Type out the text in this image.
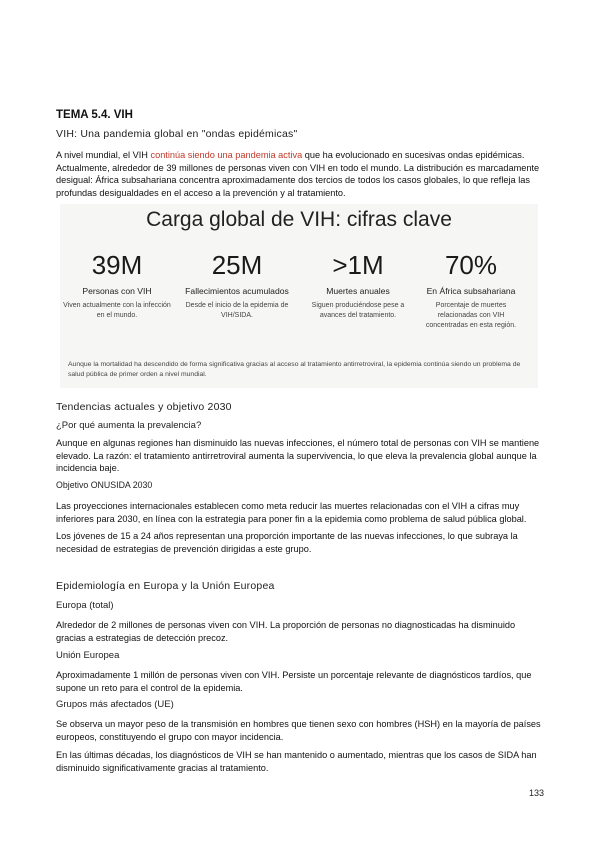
TEMA 5.4. VIH
VIH: Una pandemia global en "ondas epidémicas"
A nivel mundial, el VIH continúa siendo una pandemia activa que ha evolucionado en sucesivas ondas epidémicas. Actualmente, alrededor de 39 millones de personas viven con VIH en todo el mundo. La distribución es marcadamente desigual: África subsahariana concentra aproximadamente dos tercios de todos los casos globales, lo que refleja las profundas desigualdades en el acceso a la prevención y al tratamiento.
Carga global de VIH: cifras clave
39M
Personas con VIH
Viven actualmente con la infección en el mundo.
25M
Fallecimientos acumulados
Desde el inicio de la epidemia de VIH/SIDA.
>1M
Muertes anuales
Siguen produciéndose pese a avances del tratamiento.
70%
En África subsahariana
Porcentaje de muertes relacionadas con VIH concentradas en esta región.
Aunque la mortalidad ha descendido de forma significativa gracias al acceso al tratamiento antirretroviral, la epidemia continúa siendo un problema de salud pública de primer orden a nivel mundial.
Tendencias actuales y objetivo 2030
¿Por qué aumenta la prevalencia?
Aunque en algunas regiones han disminuido las nuevas infecciones, el número total de personas con VIH se mantiene elevado. La razón: el tratamiento antirretroviral aumenta la supervivencia, lo que eleva la prevalencia global aunque la incidencia baje.
Objetivo ONUSIDA 2030
Las proyecciones internacionales establecen como meta reducir las muertes relacionadas con el VIH a cifras muy inferiores para 2030, en línea con la estrategia para poner fin a la epidemia como problema de salud pública global.
Los jóvenes de 15 a 24 años representan una proporción importante de las nuevas infecciones, lo que subraya la necesidad de estrategias de prevención dirigidas a este grupo.
Epidemiología en Europa y la Unión Europea
Europa (total)
Alrededor de 2 millones de personas viven con VIH. La proporción de personas no diagnosticadas ha disminuido gracias a estrategias de detección precoz.
Unión Europea
Aproximadamente 1 millón de personas viven con VIH. Persiste un porcentaje relevante de diagnósticos tardíos, que supone un reto para el control de la epidemia.
Grupos más afectados (UE)
Se observa un mayor peso de la transmisión en hombres que tienen sexo con hombres (HSH) en la mayoría de países europeos, constituyendo el grupo con mayor incidencia.
En las últimas décadas, los diagnósticos de VIH se han mantenido o aumentado, mientras que los casos de SIDA han disminuido significativamente gracias al tratamiento.
133
